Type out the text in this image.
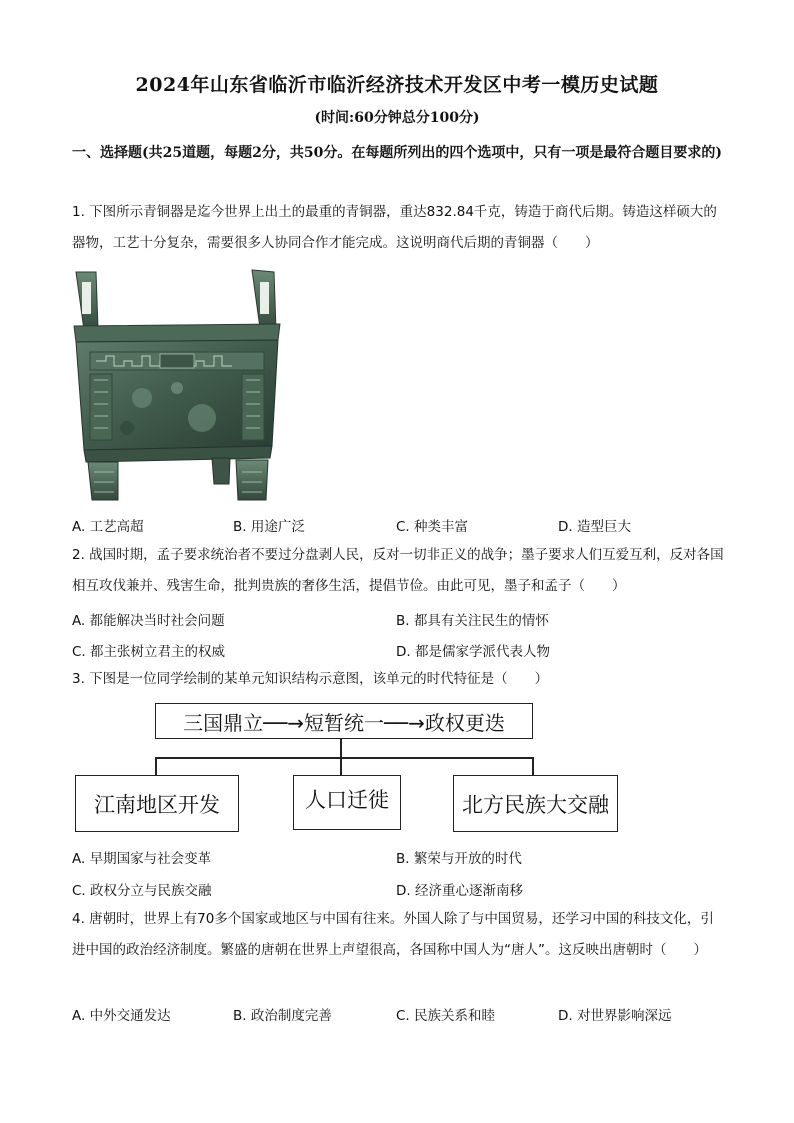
2024年山东省临沂市临沂经济技术开发区中考一模历史试题
(时间:60分钟总分100分)
一、选择题(共25道题，每题2分，共50分。在每题所列出的四个选项中，只有一项是最符合题目要求的)
1. 下图所示青铜器是迄今世界上出土的最重的青铜器，重达832.84千克，铸造于商代后期。铸造这样硕大的器物，工艺十分复杂，需要很多人协同合作才能完成。这说明商代后期的青铜器（　　）
A. 工艺高超	B. 用途广泛	C. 种类丰富	D. 造型巨大
2. 战国时期，孟子要求统治者不要过分盘剥人民，反对一切非正义的战争；墨子要求人们互爱互利，反对各国相互攻伐兼并、残害生命，批判贵族的奢侈生活，提倡节俭。由此可见，墨子和孟子（　　）
A. 都能解决当时社会问题	B. 都具有关注民生的情怀
C. 都主张树立君主的权威	D. 都是儒家学派代表人物
3. 下图是一位同学绘制的某单元知识结构示意图，该单元的时代特征是（　　）
三国鼎立──→短暂统一──→政权更迭
江南地区开发	人口迁徙	北方民族大交融
A. 早期国家与社会变革	B. 繁荣与开放的时代
C. 政权分立与民族交融	D. 经济重心逐渐南移
4. 唐朝时，世界上有70多个国家或地区与中国有往来。外国人除了与中国贸易，还学习中国的科技文化，引进中国的政治经济制度。繁盛的唐朝在世界上声望很高，各国称中国人为“唐人”。这反映出唐朝时（　　）
A. 中外交通发达	B. 政治制度完善	C. 民族关系和睦	D. 对世界影响深远
